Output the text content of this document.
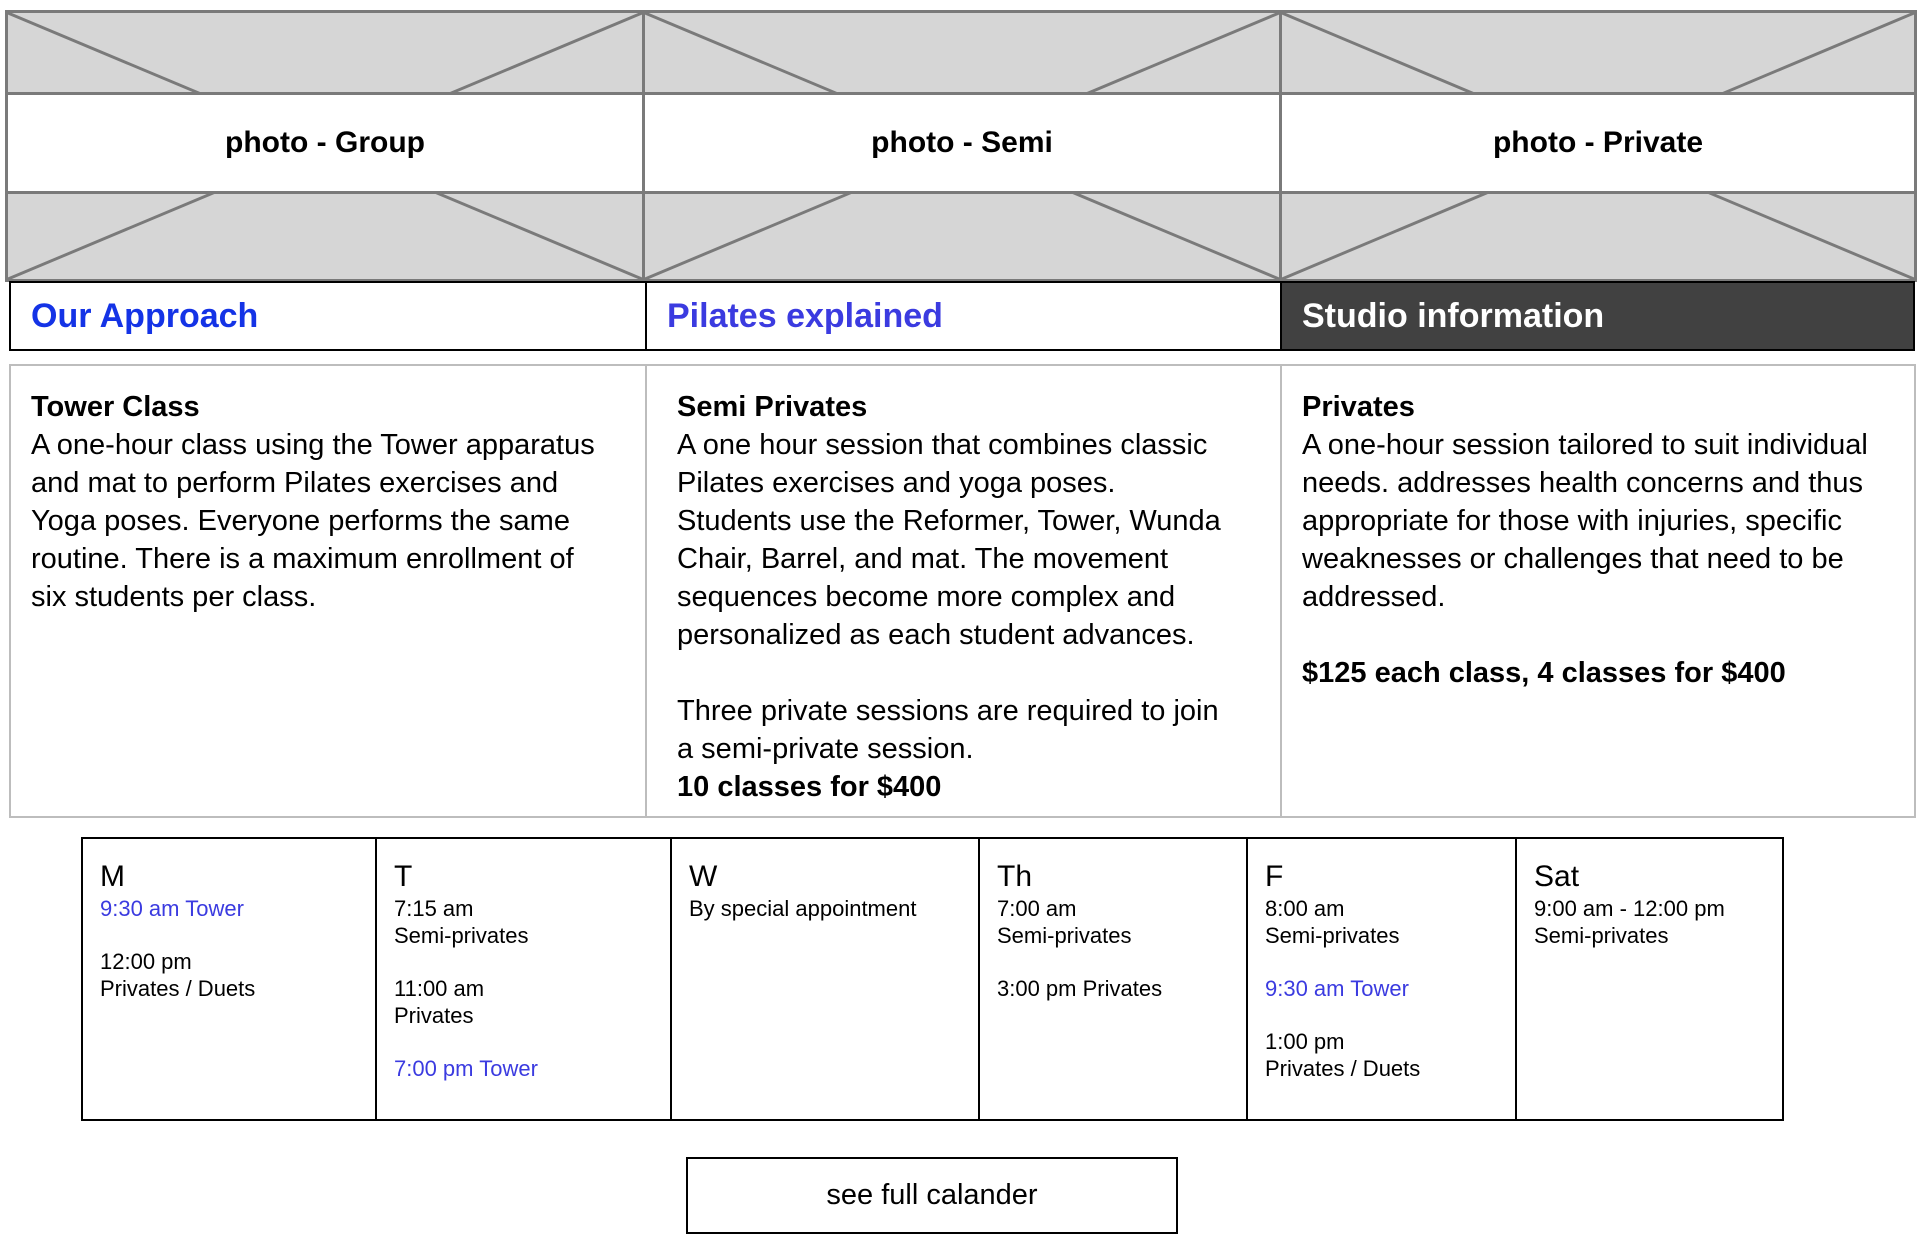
photo - Group	photo - Semi	photo - Private
Our Approach	Pilates explained	Studio information
Tower Class
A one-hour class using the Tower apparatus
and mat to perform Pilates exercises and
Yoga poses. Everyone performs the same
routine. There is a maximum enrollment of
six students per class.
Semi Privates
A one hour session that combines classic
Pilates exercises and yoga poses.
Students use the Reformer, Tower, Wunda
Chair, Barrel, and mat. The movement
sequences become more complex and
personalized as each student advances.
Three private sessions are required to join
a semi-private session.
10 classes for $400
Privates
A one-hour session tailored to suit individual
needs. addresses health concerns and thus
appropriate for those with injuries, specific
weaknesses or challenges that need to be
addressed.
$125 each class, 4 classes for $400
M
9:30 am Tower
12:00 pm
Privates / Duets
T
7:15 am
Semi-privates
11:00 am
Privates
7:00 pm Tower
W
By special appointment
Th
7:00 am
Semi-privates
3:00 pm Privates
F
8:00 am
Semi-privates
9:30 am Tower
1:00 pm
Privates / Duets
Sat
9:00 am - 12:00 pm
Semi-privates
see full calander
